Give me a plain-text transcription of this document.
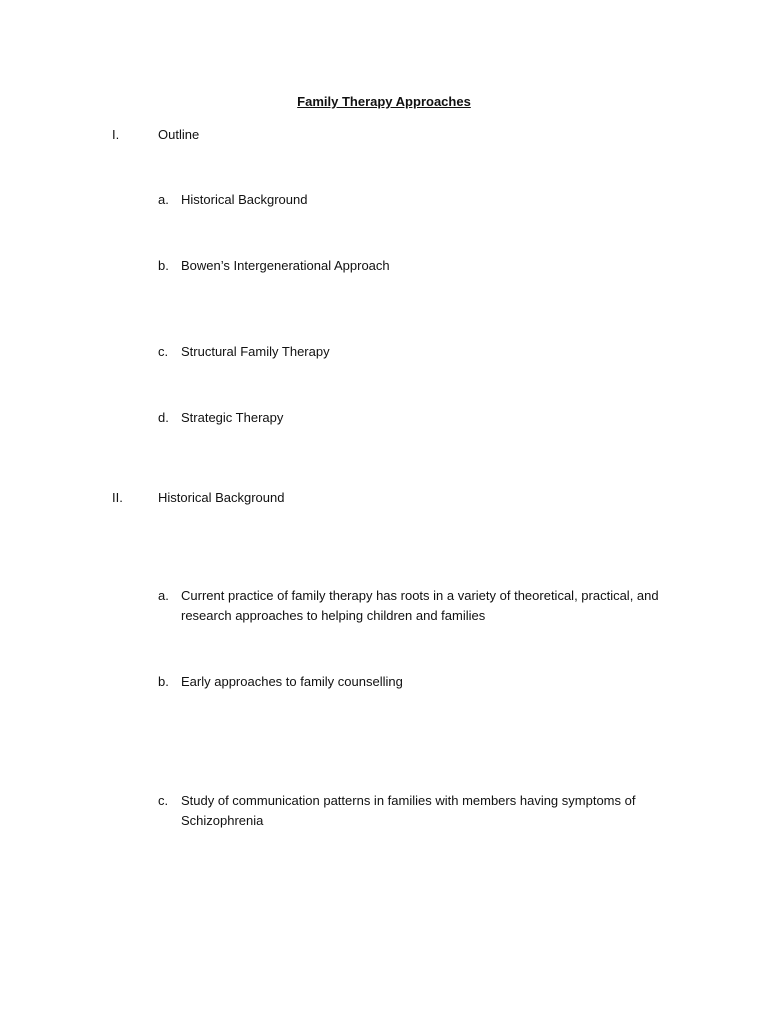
Family Therapy Approaches
I.	Outline
a. Historical Background
b. Bowen’s Intergenerational Approach
c. Structural Family Therapy
d. Strategic Therapy
II.	Historical Background
a. Current practice of family therapy has roots in a variety of theoretical, practical, and research approaches to helping children and families
b. Early approaches to family counselling
c. Study of communication patterns in families with members having symptoms of Schizophrenia
